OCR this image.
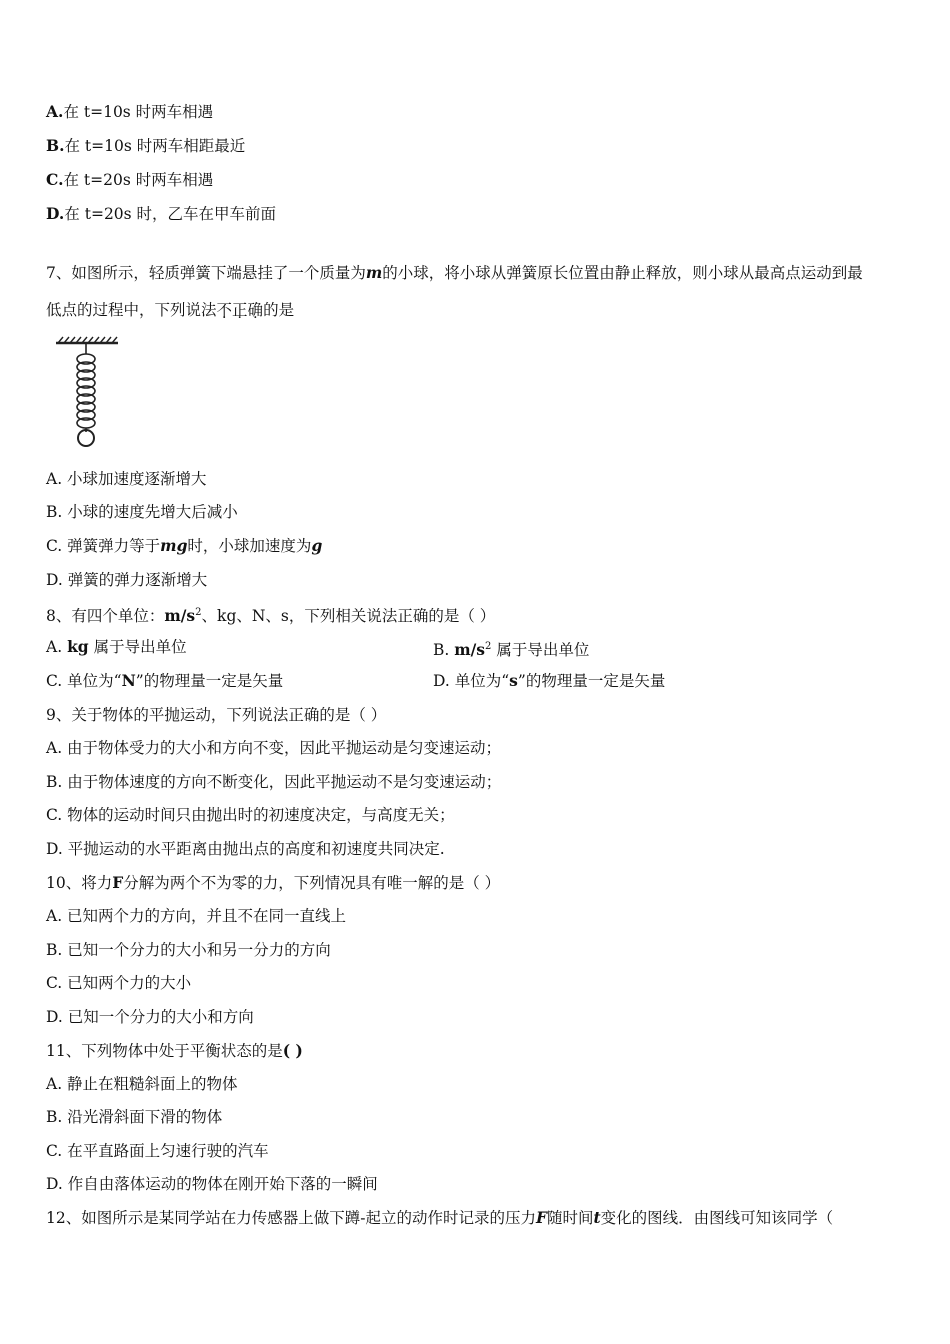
A.在 t=10s 时两车相遇
B.在 t=10s 时两车相距最近
C.在 t=20s 时两车相遇
D.在 t=20s 时，乙车在甲车前面
7、如图所示，轻质弹簧下端悬挂了一个质量为m的小球，将小球从弹簧原长位置由静止释放，则小球从最高点运动到最
低点的过程中，下列说法不正确的是
A. 小球加速度逐渐增大
B. 小球的速度先增大后减小
C. 弹簧弹力等于mg时，小球加速度为g
D. 弹簧的弹力逐渐增大
8、有四个单位：$m/s^2$、kg、N、s，下列相关说法正确的是（ ）
A. kg 属于导出单位	B. $m/s^2$ 属于导出单位
C. 单位为“N”的物理量一定是矢量	D. 单位为“s”的物理量一定是矢量
9、关于物体的平抛运动，下列说法正确的是（ ）
A. 由于物体受力的大小和方向不变，因此平抛运动是匀变速运动；
B. 由于物体速度的方向不断变化，因此平抛运动不是匀变速运动；
C. 物体的运动时间只由抛出时的初速度决定，与高度无关；
D. 平抛运动的水平距离由抛出点的高度和初速度共同决定.
10、将力F分解为两个不为零的力，下列情况具有唯一解的是（ ）
A. 已知两个力的方向，并且不在同一直线上
B. 已知一个分力的大小和另一分力的方向
C. 已知两个力的大小
D. 已知一个分力的大小和方向
11、下列物体中处于平衡状态的是( )
A. 静止在粗糙斜面上的物体
B. 沿光滑斜面下滑的物体
C. 在平直路面上匀速行驶的汽车
D. 作自由落体运动的物体在刚开始下落的一瞬间
12、如图所示是某同学站在力传感器上做下蹲-起立的动作时记录的压力F随时间t变化的图线．由图线可知该同学（
